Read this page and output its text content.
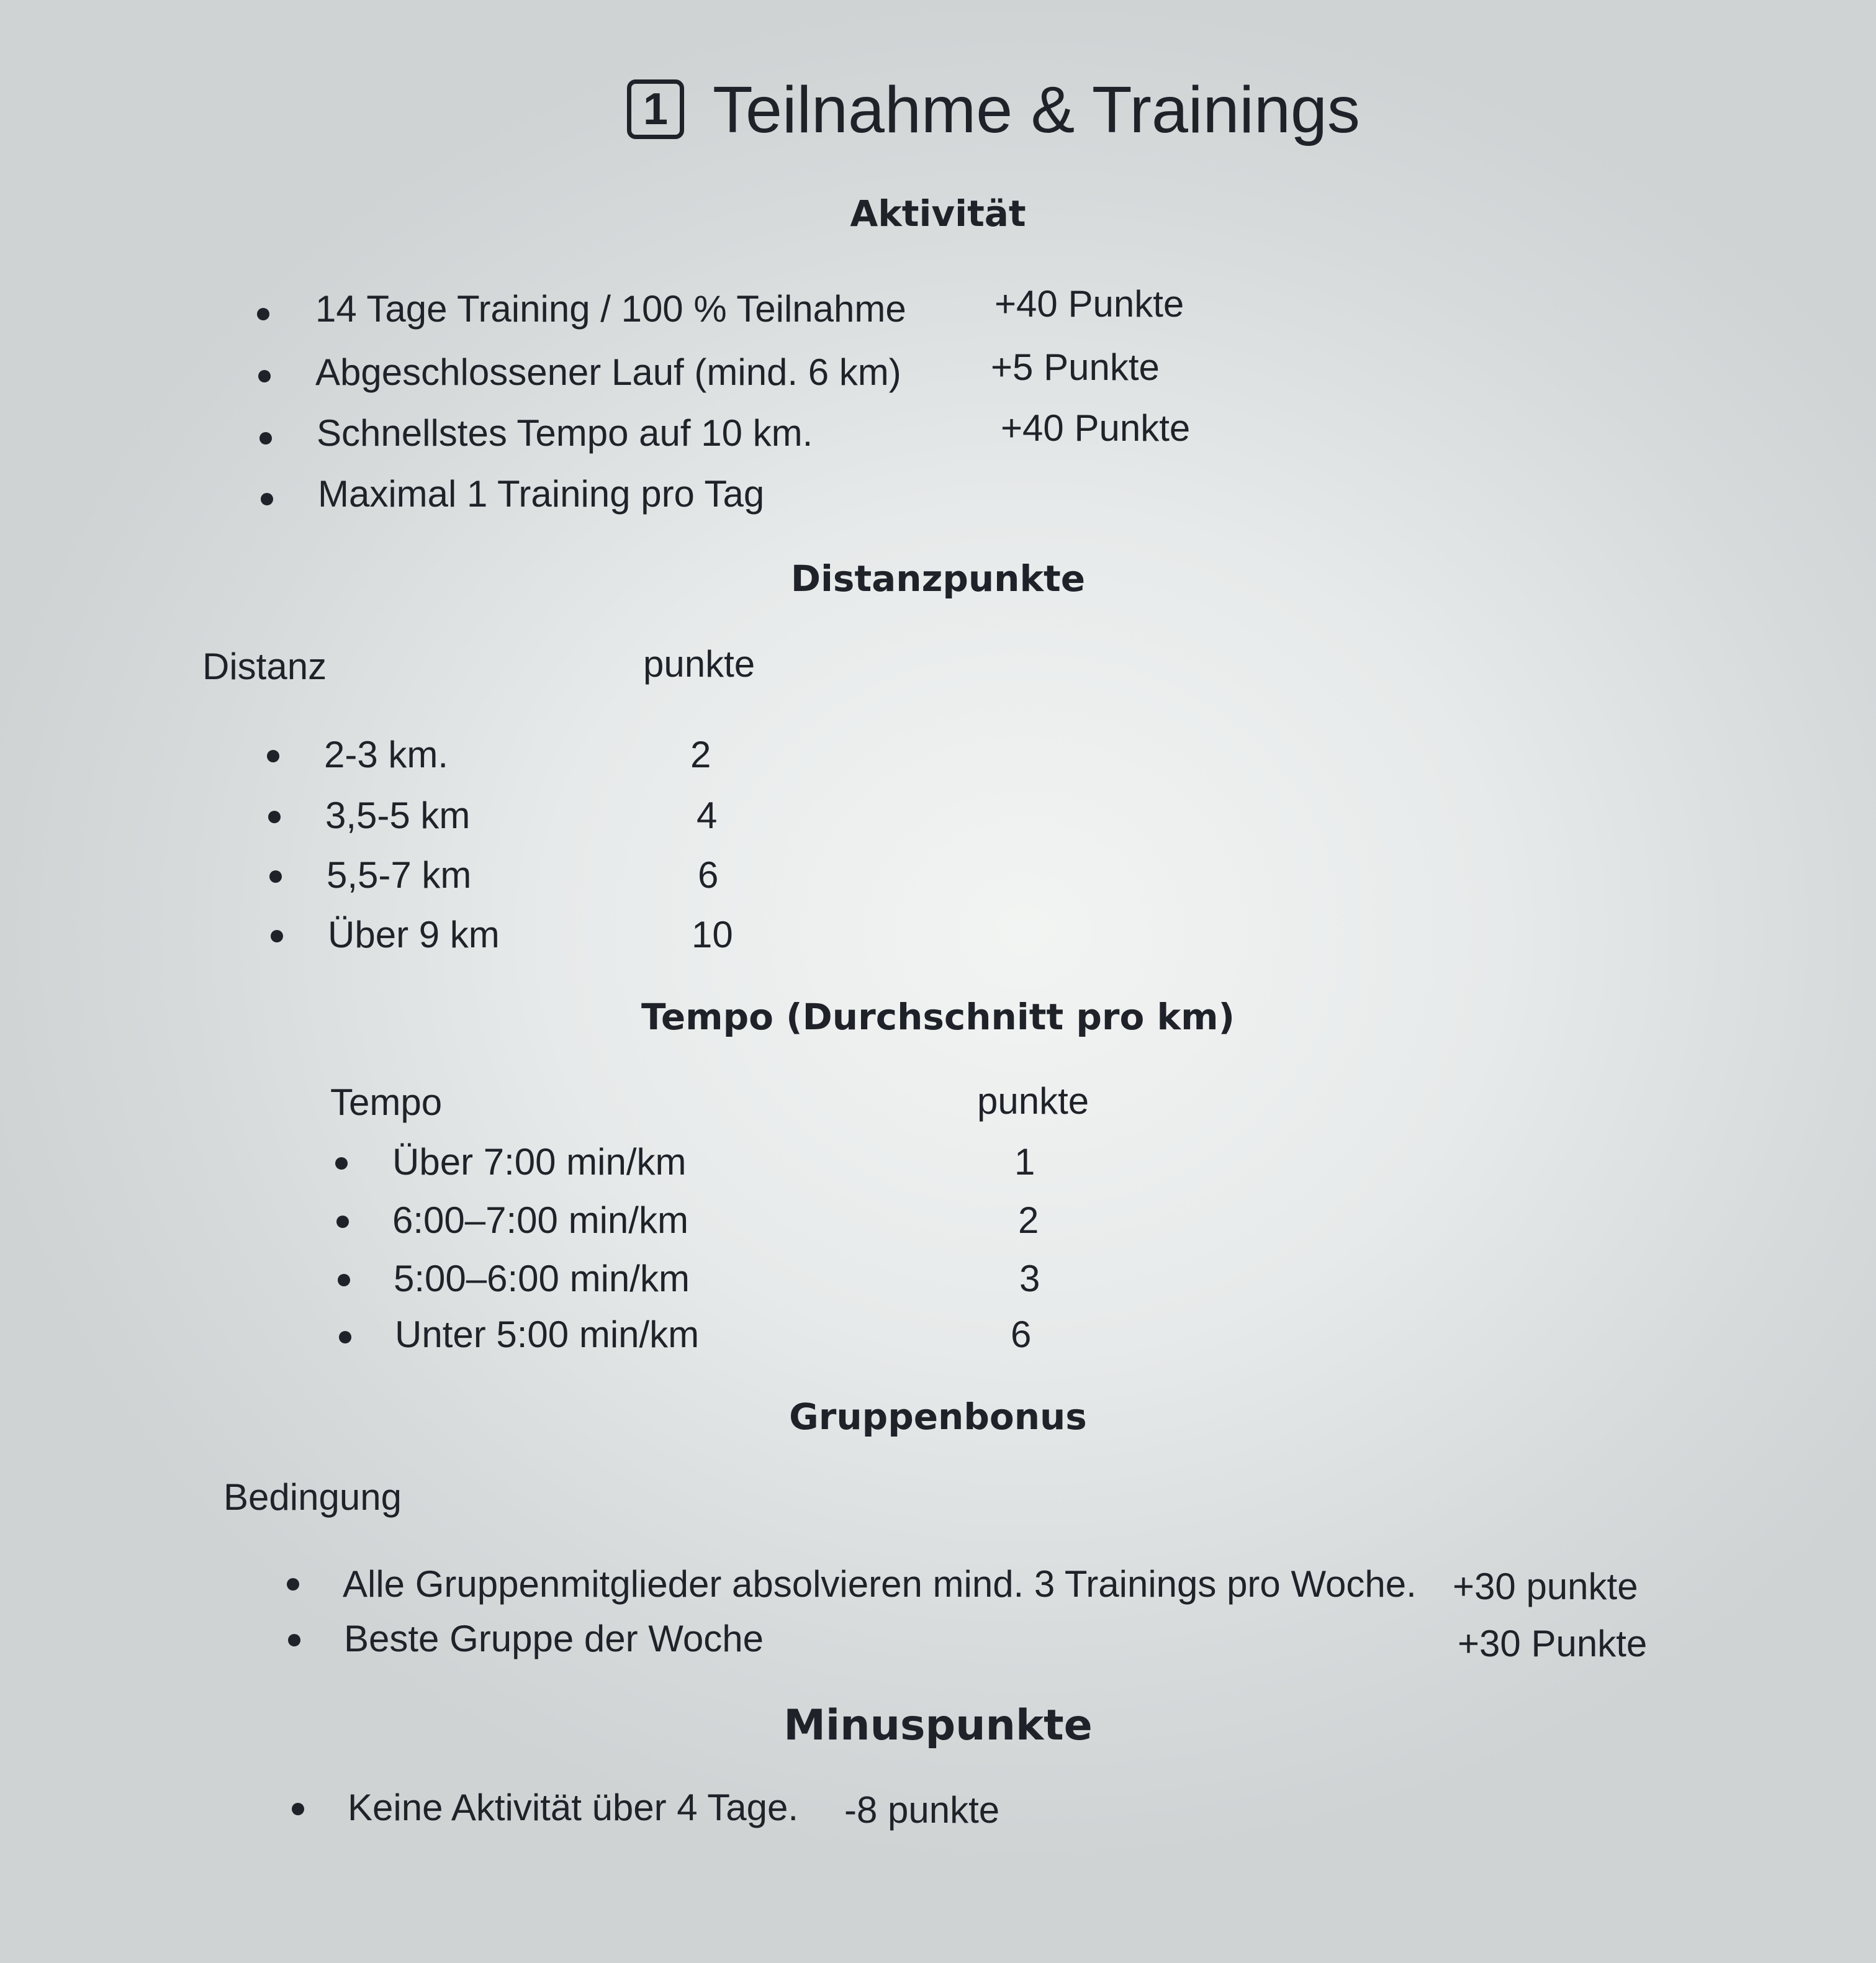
1 Teilnahme & Trainings
Aktivität
14 Tage Training / 100 % Teilnahme +40 Punkte
Abgeschlossener Lauf (mind. 6 km) +5 Punkte
Schnellstes Tempo auf 10 km.	+40 Punkte
Maximal 1 Training pro Tag
Distanzpunkte
Distanz	punkte
2-3 km.	2
3,5-5 km	4
5,5-7 km	6
Über 9 km	10
Tempo (Durchschnitt pro km)
Tempo	punkte
Über 7:00 min/km	1
6:00–7:00 min/km	2
5:00–6:00 min/km	3
Unter 5:00 min/km	6
Gruppenbonus
Bedingung
Alle Gruppenmitglieder absolvieren mind. 3 Trainings pro Woche. +30 punkte
Beste Gruppe der Woche	+30 Punkte
Minuspunkte
Keine Aktivität über 4 Tage. -8 punkte
